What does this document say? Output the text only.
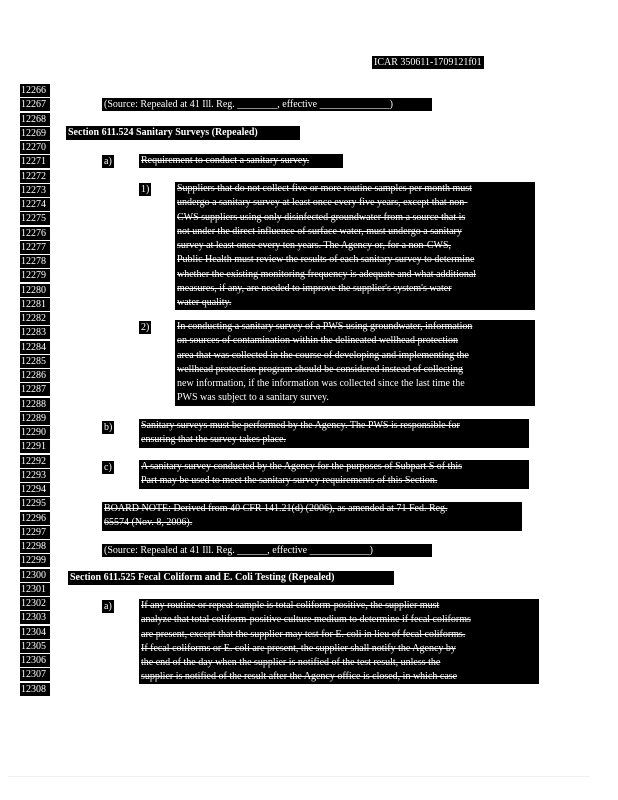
ICAR 350611-1709121f01
12266
12267
12268
12269
12270
12271
12272
12273
12274
12275
12276
12277
12278
12279
12280
12281
12282
12283
12284
12285
12286
12287
12288
12289
12290
12291
12292
12293
12294
12295
12296
12297
12298
12299
12300
12301
12302
12303
12304
12305
12306
12307
12308
(Source: Repealed at 41 Ill. Reg. ________, effective ______________)
Section 611.524 Sanitary Surveys (Repealed)
a)	Requirement to conduct a sanitary survey.
1)	Suppliers that do not collect five or more routine samples per month must
undergo a sanitary survey at least once every five years, except that non-
CWS suppliers using only disinfected groundwater from a source that is
not under the direct influence of surface water, must undergo a sanitary
survey at least once every ten years. The Agency or, for a non-CWS,
Public Health must review the results of each sanitary survey to determine
whether the existing monitoring frequency is adequate and what additional
measures, if any, are needed to improve the supplier's system's water
water quality.
2)	In conducting a sanitary survey of a PWS using groundwater, information
on sources of contamination within the delineated wellhead protection
area that was collected in the course of developing and implementing the
wellhead protection program should be considered instead of collecting
new information, if the information was collected since the last time the
PWS was subject to a sanitary survey.
b)	Sanitary surveys must be performed by the Agency. The PWS is responsible for
ensuring that the survey takes place.
c)	A sanitary survey conducted by the Agency for the purposes of Subpart S of this
Part may be used to meet the sanitary survey requirements of this Section.
BOARD NOTE: Derived from 40 CFR 141.21(d) (2006), as amended at 71 Fed. Reg.
65574 (Nov. 8, 2006).
(Source: Repealed at 41 Ill. Reg. ______, effective ____________)
Section 611.525 Fecal Coliform and E. Coli Testing (Repealed)
a)	If any routine or repeat sample is total coliform-positive, the supplier must
analyze that total coliform-positive culture medium to determine if fecal coliforms
are present, except that the supplier may test for E. coli in lieu of fecal coliforms.
If fecal coliforms or E. coli are present, the supplier shall notify the Agency by
the end of the day when the supplier is notified of the test result, unless the
supplier is notified of the result after the Agency office is closed, in which case
